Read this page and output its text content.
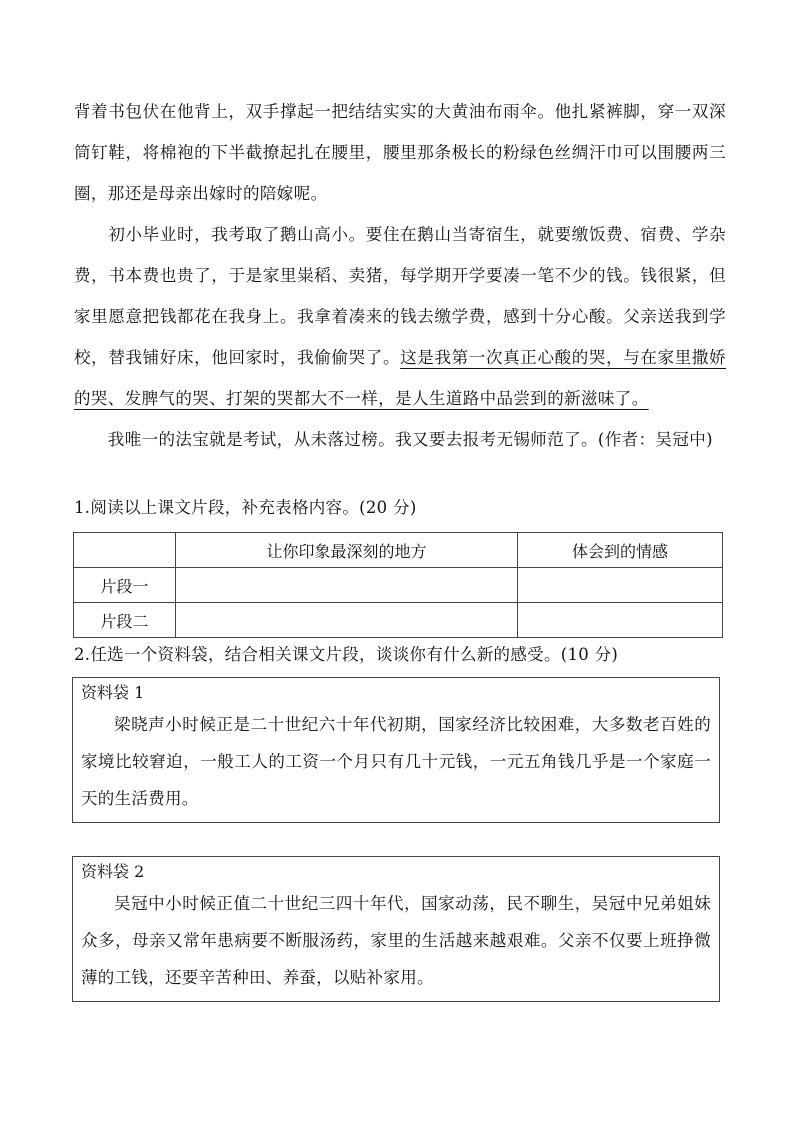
背着书包伏在他背上，双手撑起一把结结实实的大黄油布雨伞。他扎紧裤脚，穿一双深筒钉鞋，将棉袍的下半截撩起扎在腰里，腰里那条极长的粉绿色丝绸汗巾可以围腰两三圈，那还是母亲出嫁时的陪嫁呢。

　　初小毕业时，我考取了鹅山高小。要住在鹅山当寄宿生，就要缴饭费、宿费、学杂费，书本费也贵了，于是家里粜稻、卖猪，每学期开学要凑一笔不少的钱。钱很紧，但家里愿意把钱都花在我身上。我拿着凑来的钱去缴学费，感到十分心酸。父亲送我到学校，替我铺好床，他回家时，我偷偷哭了。这是我第一次真正心酸的哭，与在家里撒娇的哭、发脾气的哭、打架的哭都大不一样，是人生道路中品尝到的新滋味了。

　　我唯一的法宝就是考试，从未落过榜。我又要去报考无锡师范了。(作者：吴冠中)

1.阅读以上课文片段，补充表格内容。(20 分)

	让你印象最深刻的地方	体会到的情感
片段一		
片段二		

2.任选一个资料袋，结合相关课文片段，谈谈你有什么新的感受。(10 分)

资料袋 1

梁晓声小时候正是二十世纪六十年代初期，国家经济比较困难，大多数老百姓的家境比较窘迫，一般工人的工资一个月只有几十元钱，一元五角钱几乎是一个家庭一天的生活费用。

资料袋 2

吴冠中小时候正值二十世纪三四十年代，国家动荡，民不聊生，吴冠中兄弟姐妹众多，母亲又常年患病要不断服汤药，家里的生活越来越艰难。父亲不仅要上班挣微薄的工钱，还要辛苦种田、养蚕，以贴补家用。
